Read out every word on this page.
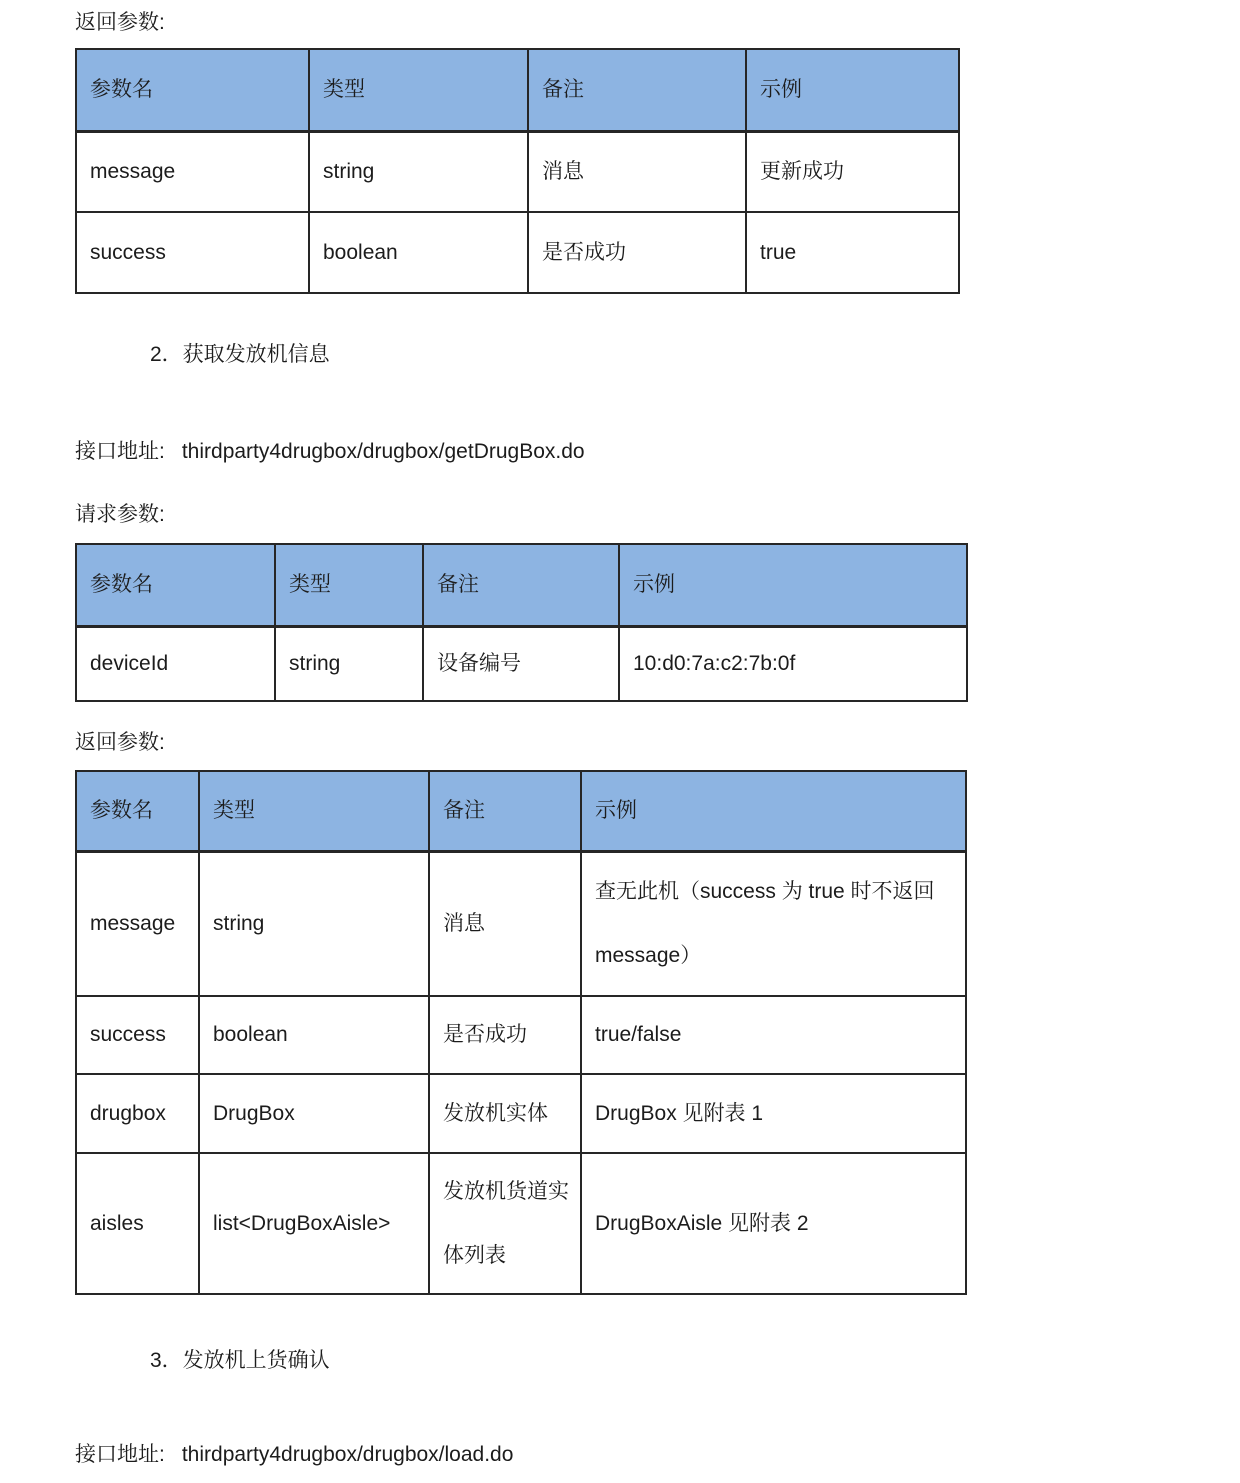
返回参数:
参数名	类型	备注	示例
message	string	消息	更新成功
success	boolean	是否成功	true
2．获取发放机信息
接口地址: thirdparty4drugbox/drugbox/getDrugBox.do
请求参数:
参数名	类型	备注	示例
deviceId	string	设备编号	10:d0:7a:c2:7b:0f
返回参数:
参数名	类型	备注	示例
message	string	消息	查无此机（success 为 true 时不返回 message）
success	boolean	是否成功	true/false
drugbox	DrugBox	发放机实体	DrugBox 见附表 1
aisles	list<DrugBoxAisle>	发放机货道实体列表	DrugBoxAisle 见附表 2
3．发放机上货确认
接口地址: thirdparty4drugbox/drugbox/load.do
